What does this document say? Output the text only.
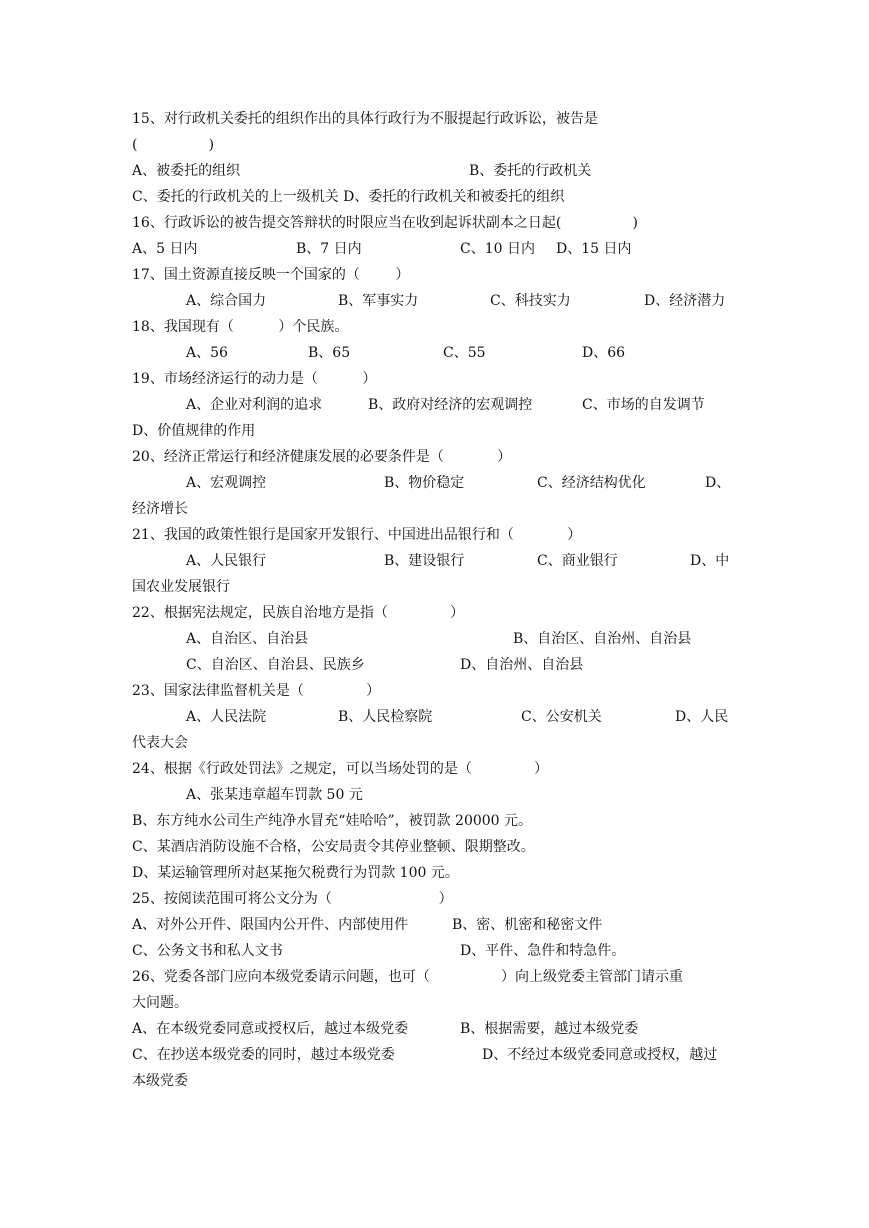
15、对行政机关委托的组织作出的具体行政行为不服提起行政诉讼，被告是
(                )
A、被委托的组织	B、委托的行政机关
C、委托的行政机关的上一级机关 D、委托的行政机关和被委托的组织
16、行政诉讼的被告提交答辩状的时限应当在收到起诉状副本之日起(                )
A、5 日内	B、7 日内	C、10 日内 D、15 日内
17、国土资源直接反映一个国家的（        ）
A、综合国力	B、军事实力	C、科技实力	D、经济潜力
18、我国现有（          ）个民族。
A、56	B、65	C、55	D、66
19、市场经济运行的动力是（          ）
A、企业对利润的追求	B、政府对经济的宏观调控	C、市场的自发调节
D、价值规律的作用
20、经济正常运行和经济健康发展的必要条件是（            ）
A、宏观调控	B、物价稳定	C、经济结构优化	D、
经济增长
21、我国的政策性银行是国家开发银行、中国进出品银行和（            ）
A、人民银行	B、建设银行	C、商业银行	D、中
国农业发展银行
22、根据宪法规定，民族自治地方是指（              ）
A、自治区、自治县	B、自治区、自治州、自治县
C、自治区、自治县、民族乡	D、自治州、自治县
23、国家法律监督机关是（              ）
A、人民法院	B、人民检察院	C、公安机关	D、人民
代表大会
24、根据《行政处罚法》之规定，可以当场处罚的是（              ）
A、张某违章超车罚款 50 元
B、东方纯水公司生产纯净水冒充“娃哈哈”，被罚款 20000 元。
C、某酒店消防设施不合格，公安局责令其停业整顿、限期整改。
D、某运输管理所对赵某拖欠税费行为罚款 100 元。
25、按阅读范围可将公文分为（                        ）
A、对外公开件、限国内公开件、内部使用件	B、密、机密和秘密文件
C、公务文书和私人文书	D、平件、急件和特急件。
26、党委各部门应向本级党委请示问题，也可（                ）向上级党委主管部门请示重
大问题。
A、在本级党委同意或授权后，越过本级党委	B、根据需要，越过本级党委
C、在抄送本级党委的同时，越过本级党委	D、不经过本级党委同意或授权，越过
本级党委
